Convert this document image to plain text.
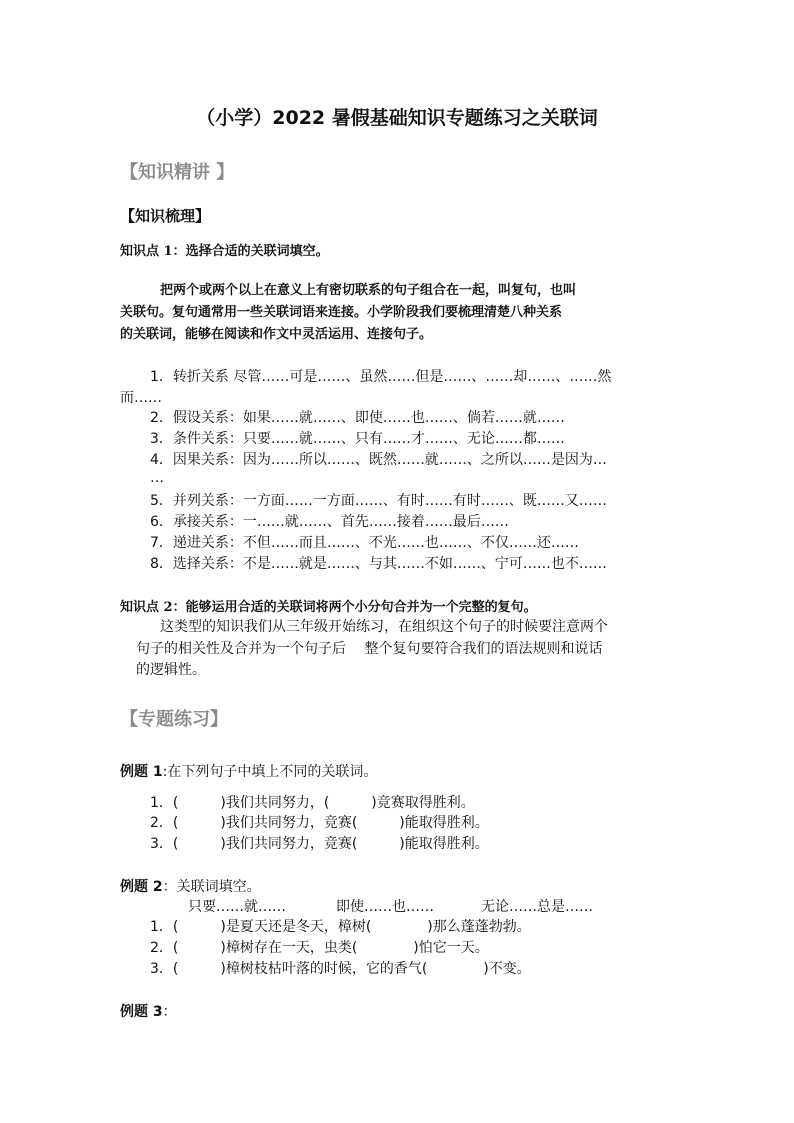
（小学）2022 暑假基础知识专题练习之关联词
【知识精讲 】
【知识梳理】
知识点 1：选择合适的关联词填空。
把两个或两个以上在意义上有密切联系的句子组合在一起，叫复句，也叫
关联句。复句通常用一些关联词语来连接。小学阶段我们要梳理清楚八种关系
的关联词，能够在阅读和作文中灵活运用、连接句子。
1．转折关系 尽管……可是……、虽然……但是……、……却……、……然
而……
2．假设关系：如果……就……、即使……也……、倘若……就……
3．条件关系：只要……就……、只有……才……、无论……都……
4．因果关系：因为……所以……、既然……就……、之所以……是因为…
…
5．并列关系：一方面……一方面……、有时……有时……、既……又……
6．承接关系：一……就……、首先……接着……最后……
7．递进关系：不但……而且……、不光……也……、不仅……还……
8．选择关系：不是……就是……、与其……不如……、宁可……也不……
知识点 2：能够运用合适的关联词将两个小分句合并为一个完整的复句。
这类型的知识我们从三年级开始练习，在组织这个句子的时候要注意两个
句子的相关性及合并为一个句子后　 整个复句要符合我们的语法规则和说话
的逻辑性。
【专题练习】
例题 1:在下列句子中填上不同的关联词。
1．(　　　)我们共同努力，(　　　)竞赛取得胜利。
2．(　　　)我们共同努力，竞赛(　　　)能取得胜利。
3．(　　　)我们共同努力，竞赛(　　　)能取得胜利。
例题 2：关联词填空。
只要……就……	即使……也……	无论……总是……
1．(　　　)是夏天还是冬天，樟树(　　　　)那么蓬蓬勃勃。
2．(　　　)樟树存在一天，虫类(　　　　)怕它一天。
3．(　　　)樟树枝枯叶落的时候，它的香气(　　　　)不变。
例题 3：
